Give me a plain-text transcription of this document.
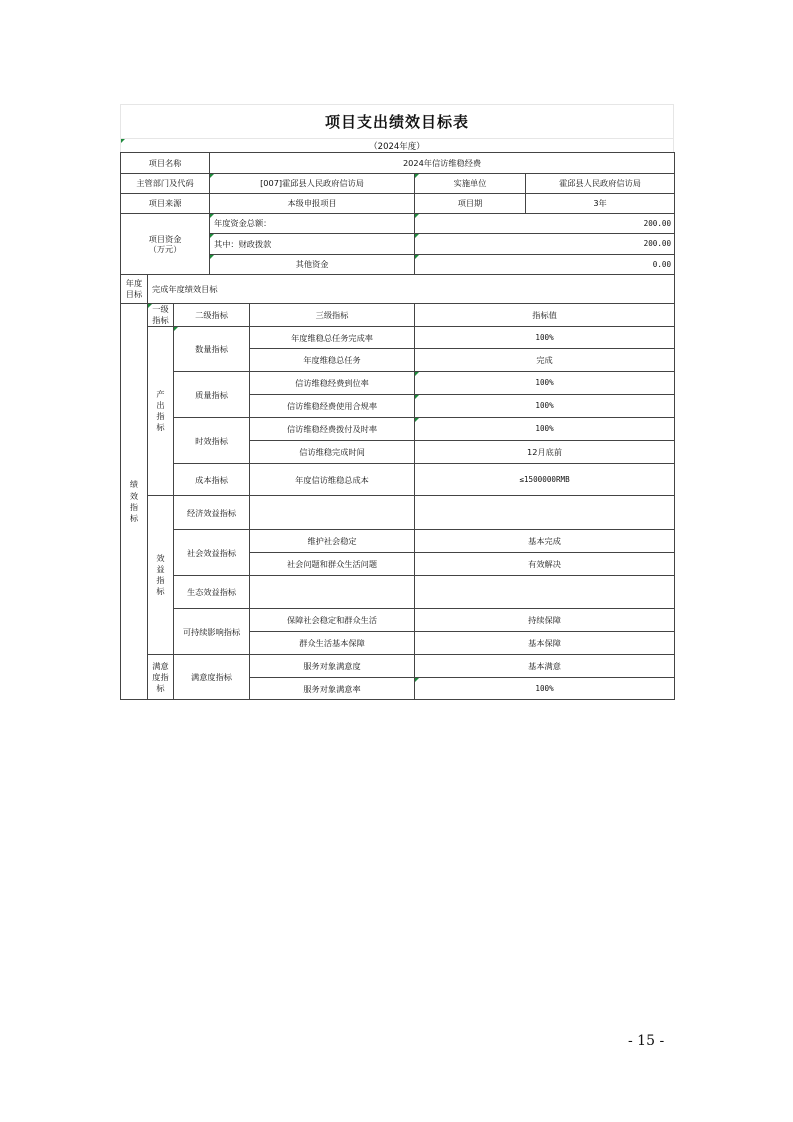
项目支出绩效目标表
（2024年度）
项目名称			2024年信访维稳经费			
主管部门及代码			[007]霍邱县人民政府信访局		实施单位	霍邱县人民政府信访局
项目来源			本级申报项目		项目期	3年
项目资金（万元）			年度资金总额：		200.00	
			其中：财政拨款		200.00	
			其他资金		0.00	
年度目标	完成年度绩效目标					
绩效指标	一级指标	二级指标		三级指标	指标值	
	产出指标	数量指标		年度维稳总任务完成率	100%	
				年度维稳总任务	完成	
		质量指标		信访维稳经费到位率	100%	
				信访维稳经费使用合规率	100%	
		时效指标		信访维稳经费拨付及时率	100%	
				信访维稳完成时间	12月底前	
		成本指标		年度信访维稳总成本	≤1500000RMB	
	效益指标	经济效益指标				
		社会效益指标		维护社会稳定	基本完成	
				社会问题和群众生活问题	有效解决	
		生态效益指标				
		可持续影响指标		保障社会稳定和群众生活	持续保障	
				群众生活基本保障	基本保障	

	满意度指标	满意度指标		服务对象满意度	基本满意	
				服务对象满意率	100%	
- 15 -
